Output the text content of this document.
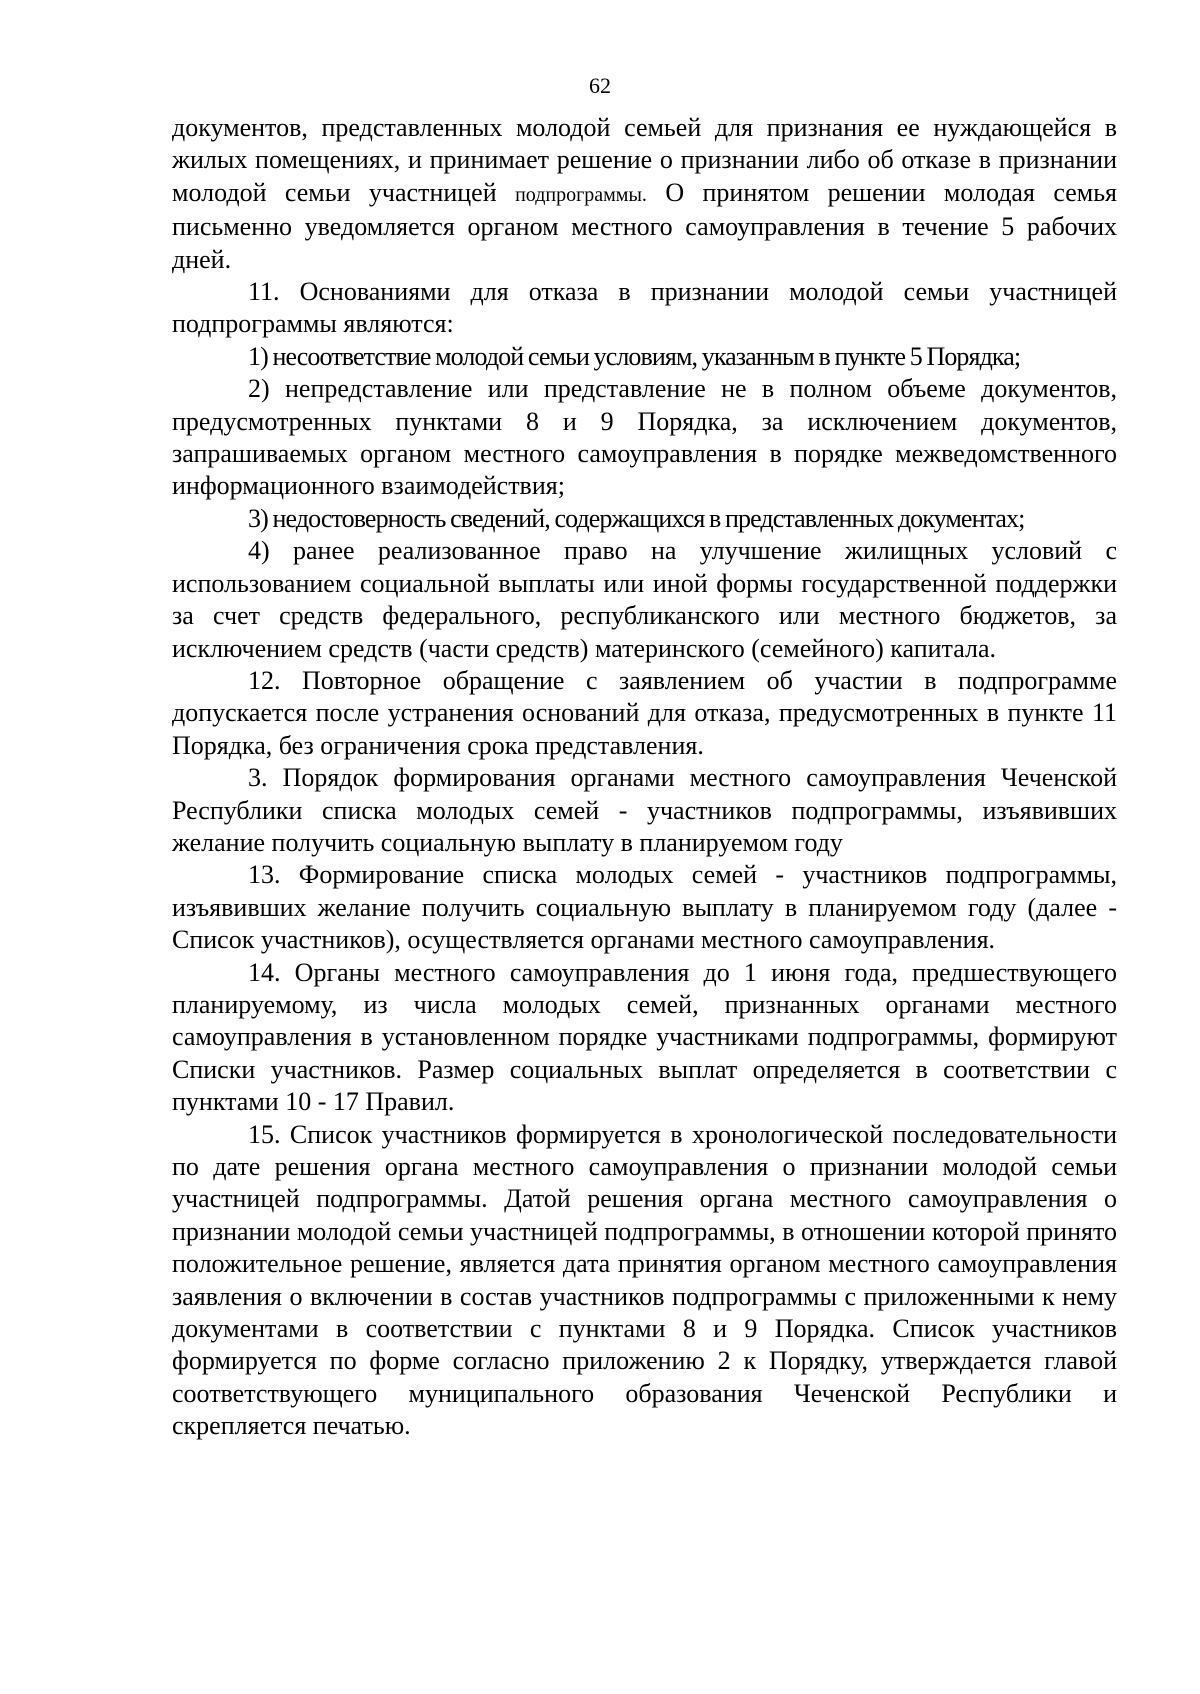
62

документов, представленных молодой семьей для признания ее нуждающейся в жилых помещениях, и принимает решение о признании либо об отказе в признании молодой семьи участницей подпрограммы. О принятом решении молодая семья письменно уведомляется органом местного самоуправления в течение 5 рабочих дней.

11. Основаниями для отказа в признании молодой семьи участницей подпрограммы являются:

1) несоответствие молодой семьи условиям, указанным в пункте 5 Порядка;

2) непредставление или представление не в полном объеме документов, предусмотренных пунктами 8 и 9 Порядка, за исключением документов, запрашиваемых органом местного самоуправления в порядке межведомственного информационного взаимодействия;

3) недостоверность сведений, содержащихся в представленных документах;

4) ранее реализованное право на улучшение жилищных условий с использованием социальной выплаты или иной формы государственной поддержки за счет средств федерального, республиканского или местного бюджетов, за исключением средств (части средств) материнского (семейного) капитала.

12. Повторное обращение с заявлением об участии в подпрограмме допускается после устранения оснований для отказа, предусмотренных в пункте 11 Порядка, без ограничения срока представления.

3. Порядок формирования органами местного самоуправления Чеченской Республики списка молодых семей - участников подпрограммы, изъявивших желание получить социальную выплату в планируемом году

13. Формирование списка молодых семей - участников подпрограммы, изъявивших желание получить социальную выплату в планируемом году (далее - Список участников), осуществляется органами местного самоуправления.

14. Органы местного самоуправления до 1 июня года, предшествующего планируемому, из числа молодых семей, признанных органами местного самоуправления в установленном порядке участниками подпрограммы, формируют Списки участников. Размер социальных выплат определяется в соответствии с пунктами 10 - 17 Правил.

15. Список участников формируется в хронологической последовательности по дате решения органа местного самоуправления о признании молодой семьи участницей подпрограммы. Датой решения органа местного самоуправления о признании молодой семьи участницей подпрограммы, в отношении которой принято положительное решение, является дата принятия органом местного самоуправления заявления о включении в состав участников подпрограммы с приложенными к нему документами в соответствии с пунктами 8 и 9 Порядка. Список участников формируется по форме согласно приложению 2 к Порядку, утверждается главой соответствующего муниципального образования Чеченской Республики и скрепляется печатью.
